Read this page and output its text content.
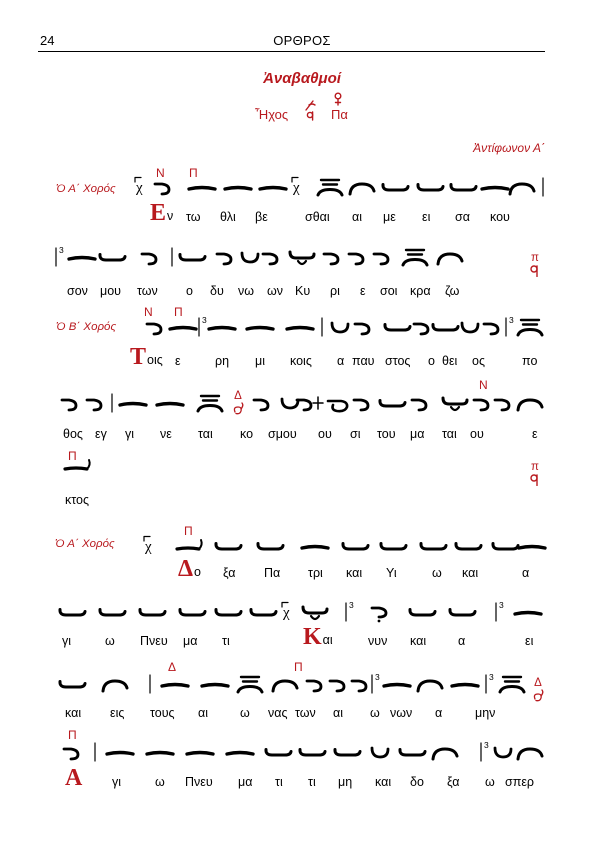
24	ΟΡΘΡΟΣ
Ἀναβαθμοί
Ἦχος	Πα
Ἀντίφωνον Α΄
Ὁ Α΄ Χορός χ	χ
Ν Π
Ε ν τω θλι βε	σθαι αι με ει σα κου
3
π
σον μου των ο δυ νω ων Κυ ρι ε σοι κρα ζω
Ὁ Β΄ Χορός
3	3
Ν Π
Τ οις ε	ρη μι κοις α παυ στος ο θει ος	πο
Ν
Δ
θος εγ γι νε ται κο σμου ου σι του μα ται ου	ε
Π
π
κτος
Ὁ Α΄ Χορός χ
Π
Δ ο ξα Πα τρι και Υι	ω και	α
χ	3	3
γι	ω Πνευ μα τι	Κ αι	νυν και	α	ει
3	3
Δ	Π
Δ
και εις τους αι	ω νας των αι ω νων α	μην
3
Π
Α γι	ω Πνευ μα τι τι μη και δο ξα ω σπερ
